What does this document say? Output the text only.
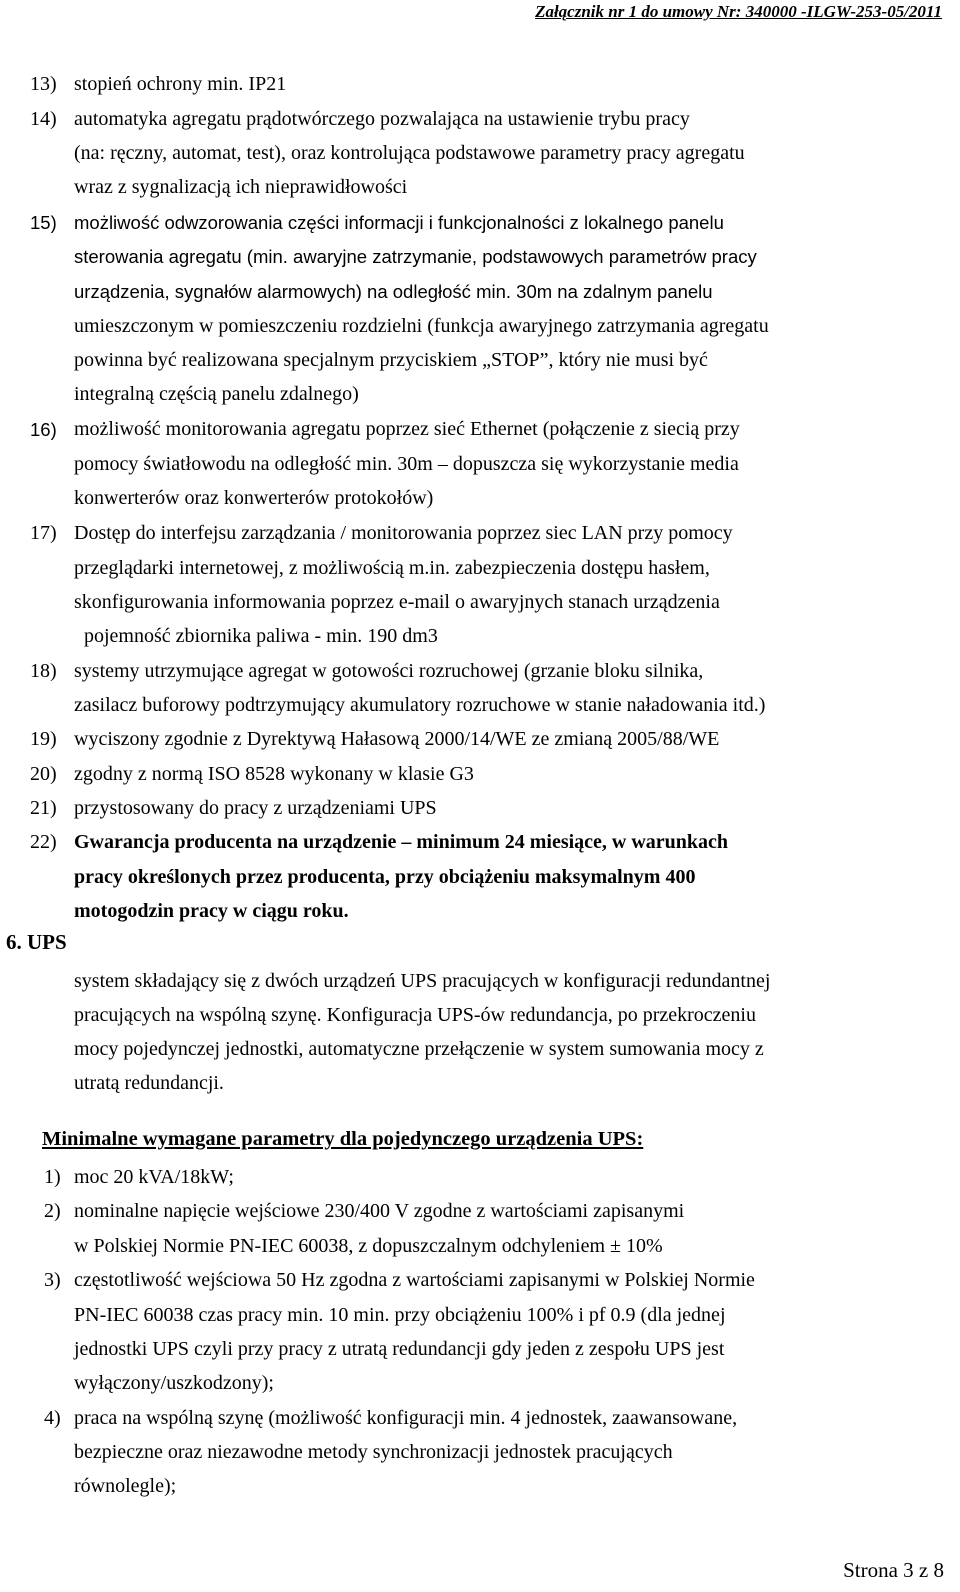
Załącznik nr 1 do umowy Nr: 340000 -ILGW-253-05/2011
13) stopień ochrony min. IP21
14) automatyka agregatu prądotwórczego pozwalająca na ustawienie trybu pracy
(na: ręczny, automat, test), oraz kontrolująca podstawowe parametry pracy agregatu
wraz z sygnalizacją ich nieprawidłowości
15) możliwość odwzorowania części informacji i funkcjonalności z lokalnego panelu
sterowania agregatu (min. awaryjne zatrzymanie, podstawowych parametrów pracy
urządzenia, sygnałów alarmowych) na odległość min. 30m na zdalnym panelu
umieszczonym w pomieszczeniu rozdzielni (funkcja awaryjnego zatrzymania agregatu
powinna być realizowana specjalnym przyciskiem „STOP”, który nie musi być
integralną częścią panelu zdalnego)
16) możliwość monitorowania agregatu poprzez sieć Ethernet (połączenie z siecią przy
pomocy światłowodu na odległość min. 30m – dopuszcza się wykorzystanie media
konwerterów oraz konwerterów protokołów)
17) Dostęp do interfejsu zarządzania / monitorowania poprzez siec LAN przy pomocy
przeglądarki internetowej, z możliwością m.in. zabezpieczenia dostępu hasłem,
skonfigurowania informowania poprzez e-mail o awaryjnych stanach urządzenia
pojemność zbiornika paliwa - min. 190 dm3
18) systemy utrzymujące agregat w gotowości rozruchowej (grzanie bloku silnika,
zasilacz buforowy podtrzymujący akumulatory rozruchowe w stanie naładowania itd.)
19) wyciszony zgodnie z Dyrektywą Hałasową 2000/14/WE ze zmianą 2005/88/WE
20) zgodny z normą ISO 8528 wykonany w klasie G3
21) przystosowany do pracy z urządzeniami UPS
22) Gwarancja producenta na urządzenie – minimum 24 miesiące, w warunkach
pracy określonych przez producenta, przy obciążeniu maksymalnym 400
motogodzin pracy w ciągu roku.
6. UPS
system składający się z dwóch urządzeń UPS pracujących w konfiguracji redundantnej
pracujących na wspólną szynę. Konfiguracja UPS-ów redundancja, po przekroczeniu
mocy pojedynczej jednostki, automatyczne przełączenie w system sumowania mocy z
utratą redundancji.
Minimalne wymagane parametry dla pojedynczego urządzenia UPS:
1) moc 20 kVA/18kW;
2) nominalne napięcie wejściowe 230/400 V zgodne z wartościami zapisanymi
w Polskiej Normie PN-IEC 60038, z dopuszczalnym odchyleniem ± 10%
3) częstotliwość wejściowa 50 Hz zgodna z wartościami zapisanymi w Polskiej Normie
PN-IEC 60038 czas pracy min. 10 min. przy obciążeniu 100% i pf 0.9 (dla jednej
jednostki UPS czyli przy pracy z utratą redundancji gdy jeden z zespołu UPS jest
wyłączony/uszkodzony);
4) praca na wspólną szynę (możliwość konfiguracji min. 4 jednostek, zaawansowane,
bezpieczne oraz niezawodne metody synchronizacji jednostek pracujących
równolegle);
Strona 3 z 8
